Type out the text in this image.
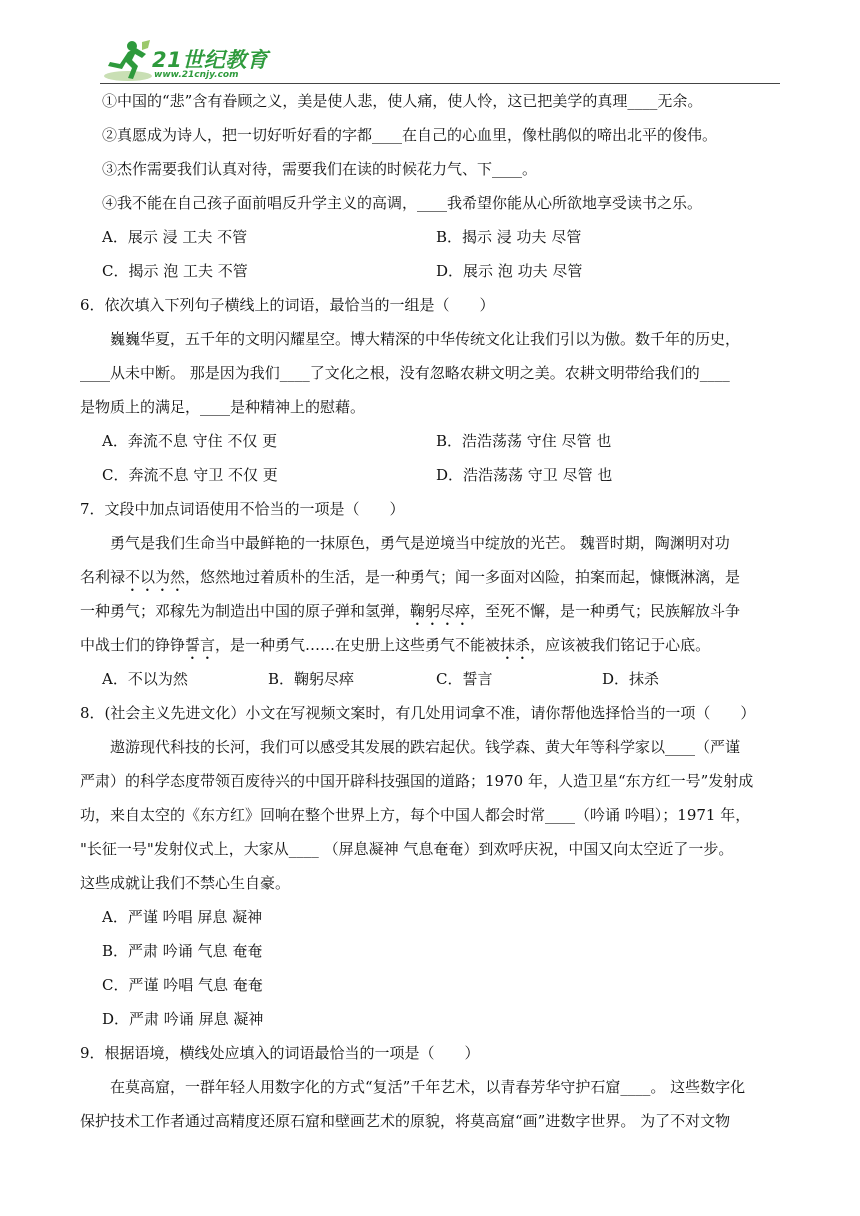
21世纪教育
www.21cnjy.com
①中国的“悲”含有眷顾之义，美是使人悲，使人痛，使人怜，这已把美学的真理____无余。
②真愿成为诗人，把一切好听好看的字都____在自己的心血里，像杜鹃似的啼出北平的俊伟。
③杰作需要我们认真对待，需要我们在读的时候花力气、下____。
④我不能在自己孩子面前唱反升学主义的高调，____我希望你能从心所欲地享受读书之乐。
A．展示 浸 工夫 不管	B．揭示 浸 功夫 尽管
C．揭示 泡 工夫 不管	D．展示 泡 功夫 尽管
6．依次填入下列句子横线上的词语，最恰当的一组是（　　）
巍巍华夏，五千年的文明闪耀星空。博大精深的中华传统文化让我们引以为傲。数千年的历史，
____从未中断。 那是因为我们____了文化之根，没有忽略农耕文明之美。农耕文明带给我们的____
是物质上的满足，____是种精神上的慰藉。
A．奔流不息 守住 不仅 更	B．浩浩荡荡 守住 尽管 也
C．奔流不息 守卫 不仅 更	D．浩浩荡荡 守卫 尽管 也
7．文段中加点词语使用不恰当的一项是（　　）
勇气是我们生命当中最鲜艳的一抹原色，勇气是逆境当中绽放的光芒。 魏晋时期，陶渊明对功
名利禄不以为然，悠然地过着质朴的生活，是一种勇气；闻一多面对凶险，拍案而起，慷慨淋漓，是
一种勇气；邓稼先为制造出中国的原子弹和氢弹，鞠躬尽瘁，至死不懈，是一种勇气；民族解放斗争
中战士们的铮铮誓言，是一种勇气……在史册上这些勇气不能被抹杀，应该被我们铭记于心底。
A．不以为然	B．鞠躬尽瘁	C．誓言	D．抹杀
8．(社会主义先进文化）小文在写视频文案时，有几处用词拿不准，请你帮他选择恰当的一项（　　）
遨游现代科技的长河，我们可以感受其发展的跌宕起伏。钱学森、黄大年等科学家以____（严谨
严肃）的科学态度带领百废待兴的中国开辟科技强国的道路；1970 年，人造卫星“东方红一号”发射成
功，来自太空的《东方红》回响在整个世界上方，每个中国人都会时常____（吟诵 吟唱）；1971 年，
"长征一号"发射仪式上，大家从____ （屏息凝神 气息奄奄）到欢呼庆祝，中国又向太空近了一步。
这些成就让我们不禁心生自豪。
A．严谨 吟唱 屏息 凝神
B．严肃 吟诵 气息 奄奄
C．严谨 吟唱 气息 奄奄
D．严肃 吟诵 屏息 凝神
9．根据语境，横线处应填入的词语最恰当的一项是（　　）
在莫高窟，一群年轻人用数字化的方式“复活”千年艺术，以青春芳华守护石窟____。 这些数字化
保护技术工作者通过高精度还原石窟和壁画艺术的原貌，将莫高窟“画”进数字世界。 为了不对文物
